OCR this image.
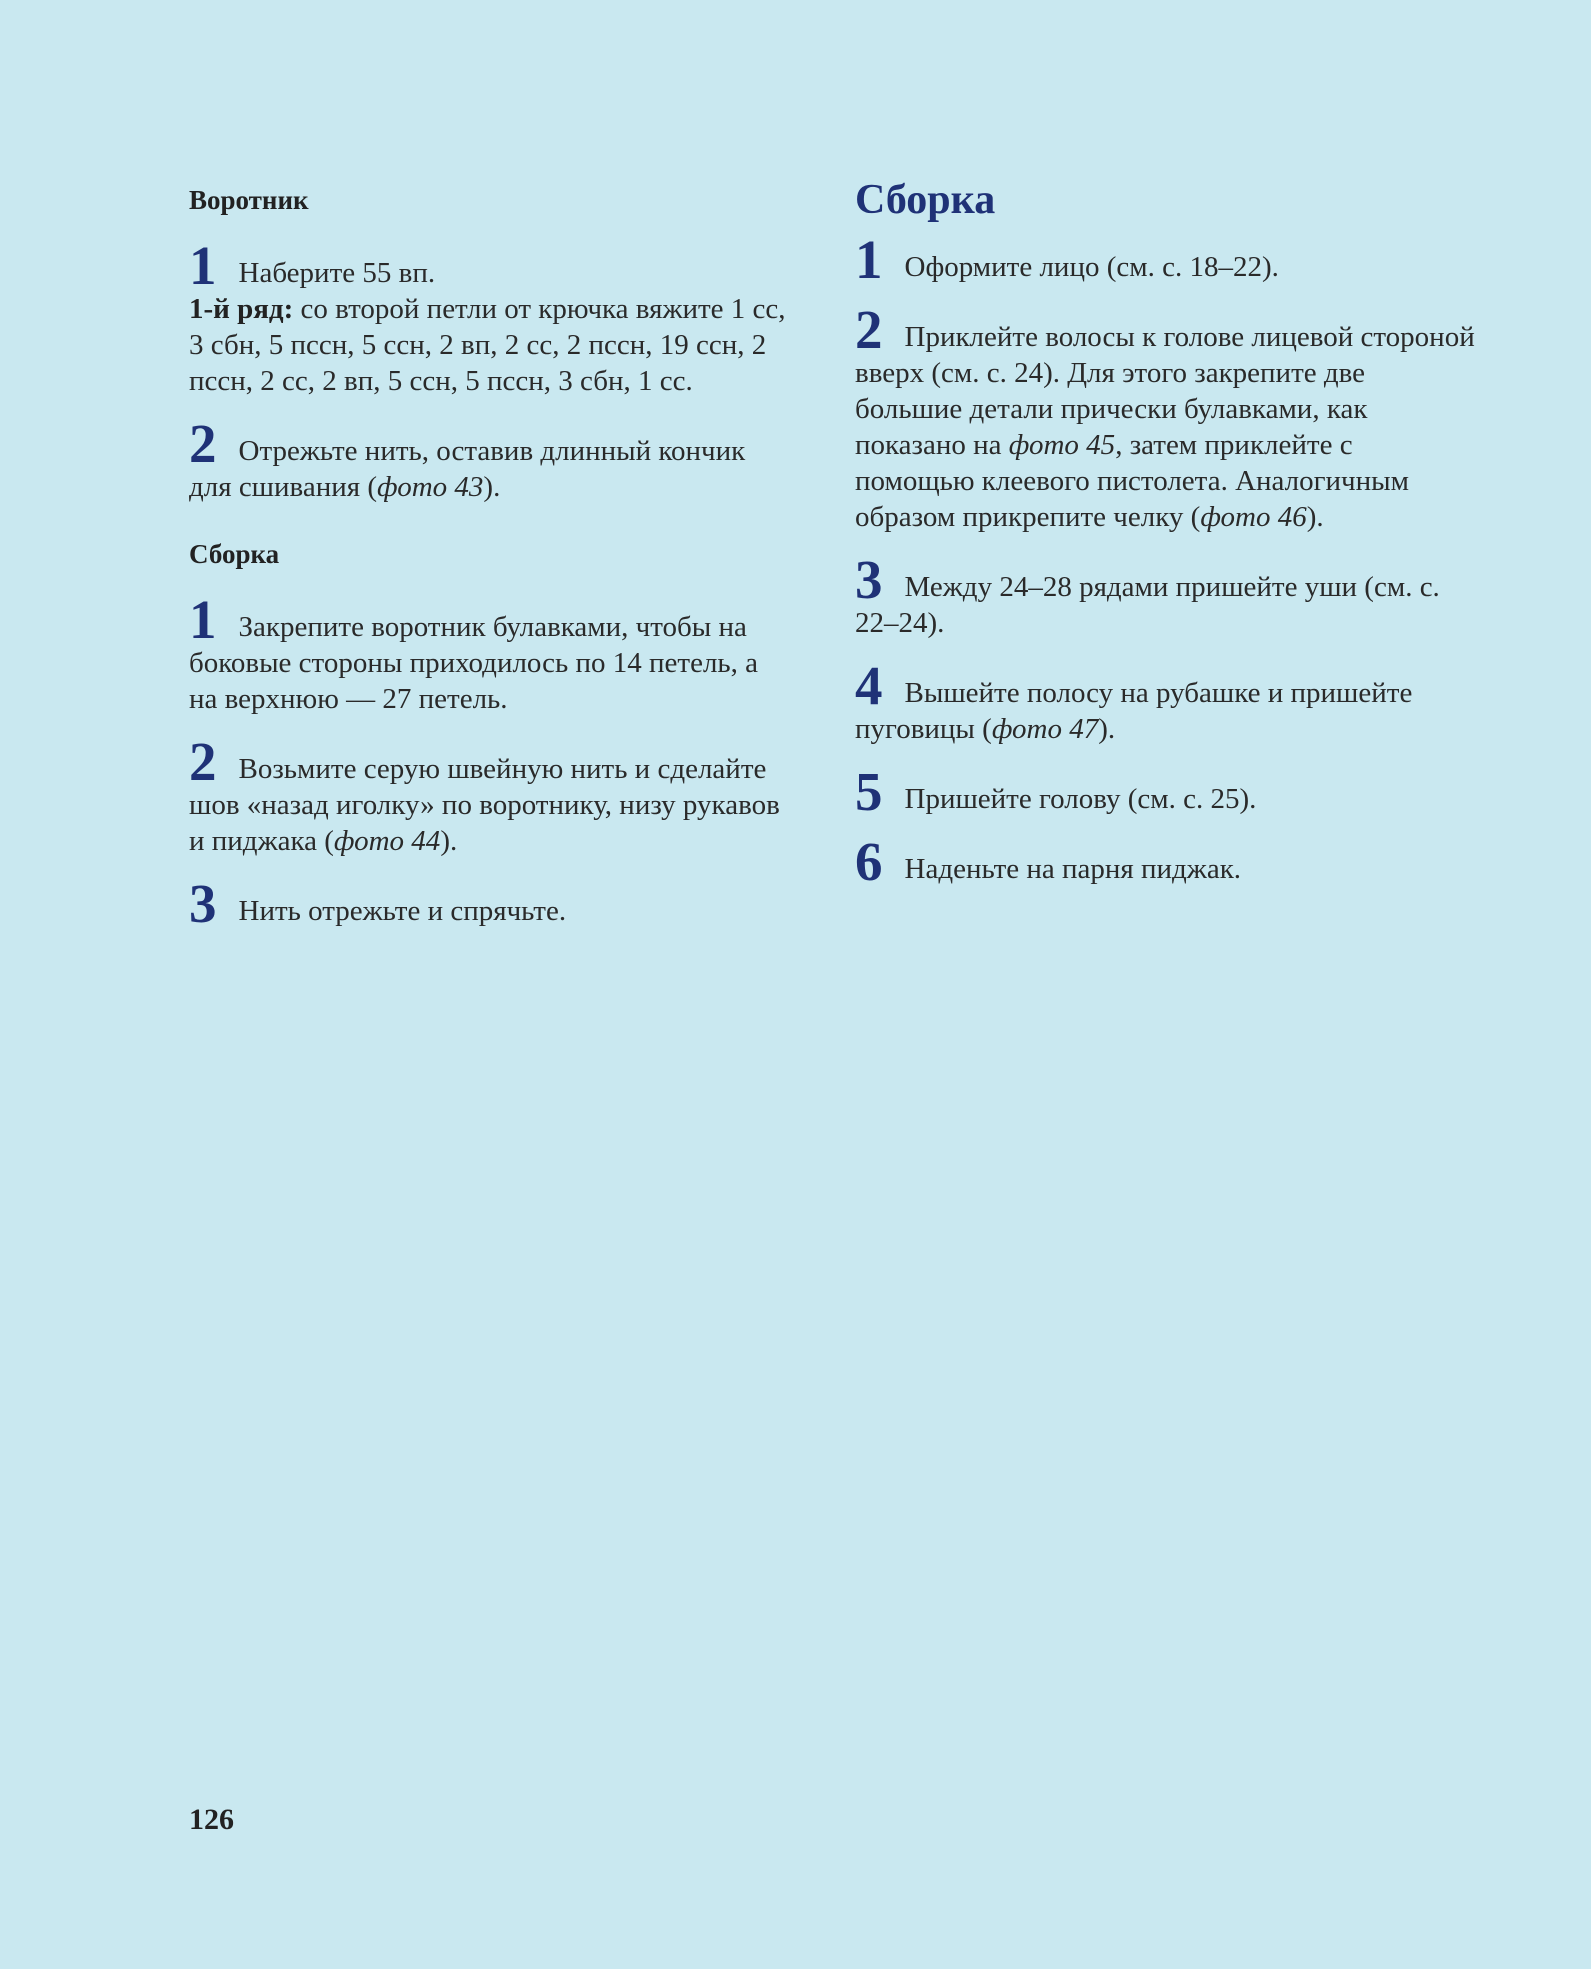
Воротник

1 Наберите 55 вп.
1-й ряд: со второй петли от крючка вяжите 1 сс, 3 сбн, 5 пссн, 5 ссн, 2 вп, 2 сс, 2 пссн, 19 ссн, 2 пссн, 2 сс, 2 вп, 5 ссн, 5 пссн, 3 сбн, 1 сс.

2 Отрежьте нить, оставив длинный кончик для сшивания (фото 43).

Сборка

1 Закрепите воротник булавками, чтобы на боковые стороны приходилось по 14 петель, а на верхнюю — 27 петель.

2 Возьмите серую швейную нить и сделайте шов «назад иголку» по воротнику, низу рукавов и пиджака (фото 44).

3 Нить отрежьте и спрячьте.

Сборка

1 Оформите лицо (см. с. 18–22).

2 Приклейте волосы к голове лицевой стороной вверх (см. с. 24). Для этого закрепите две большие детали прически булавками, как показано на фото 45, затем приклейте с помощью клеевого пистолета. Аналогичным образом прикрепите челку (фото 46).

3 Между 24–28 рядами пришейте уши (см. с. 22–24).

4 Вышейте полосу на рубашке и пришейте пуговицы (фото 47).

5 Пришейте голову (см. с. 25).

6 Наденьте на парня пиджак.

126
